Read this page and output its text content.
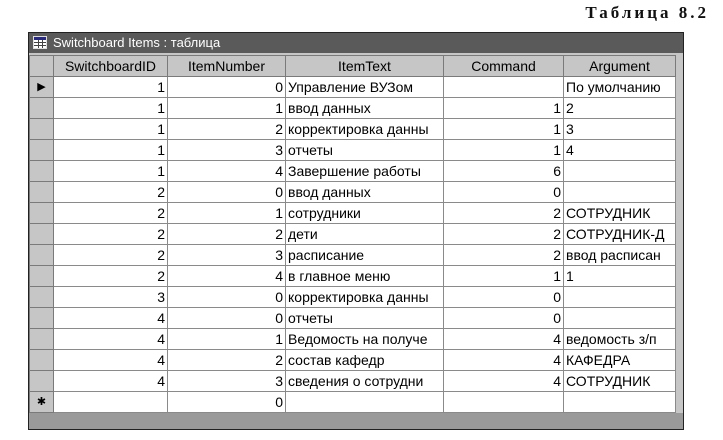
Таблица 8.2
Switchboard Items : таблица
	SwitchboardID	ItemNumber	ItemText	Command	Argument
▶	1	0	Управление ВУЗом		По умолчанию
	1	1	ввод данных	1	2
	1	2	корректировка данны	1	3
	1	3	отчеты	1	4
	1	4	Завершение работы	6	
	2	0	ввод данных	0	
	2	1	сотрудники	2	СОТРУДНИК
	2	2	дети	2	СОТРУДНИК-Д
	2	3	расписание	2	ввод расписан
	2	4	в главное меню	1	1
	3	0	корректировка данны	0	
	4	0	отчеты	0	
	4	1	Ведомость на получе	4	ведомость з/п
	4	2	состав кафедр	4	КАФЕДРА
	4	3	сведения о сотрудни	4	СОТРУДНИК
✱		0			
